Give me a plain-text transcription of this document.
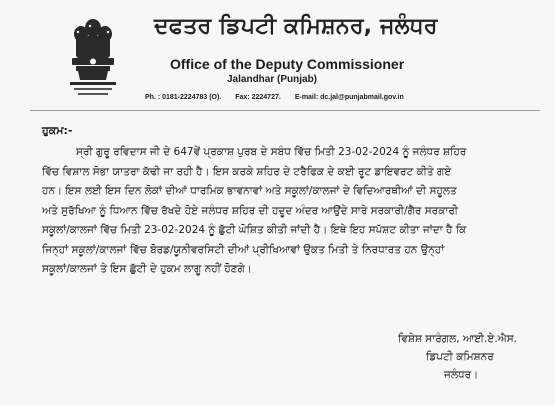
ਦਫਤਰ ਡਿਪਟੀ ਕਮਿਸ਼ਨਰ, ਜਲੰਧਰ
Office of the Deputy Commissioner
Jalandhar (Punjab)
Ph. : 0181-2224783 (O). Fax: 2224727. E-mail: dc.jal@punjabmail.gov.in
ਹੁਕਮ:-
ਸ੍ਰੀ ਗੁਰੂ ਰਵਿਦਾਸ ਜੀ ਦੇ 647ਵੇਂ ਪ੍ਰਕਾਸ਼ ਪੁਰਬ ਦੇ ਸਬੰਧ ਵਿੱਚ ਮਿਤੀ 23-02-2024 ਨੂੰ ਜਲੰਧਰ ਸ਼ਹਿਰ
ਵਿੱਚ ਵਿਸ਼ਾਲ ਸੋਭਾ ਯਾਤਰਾ ਕੱਢੀ ਜਾ ਰਹੀ ਹੈ। ਇਸ ਕਰਕੇ ਸ਼ਹਿਰ ਦੇ ਟਰੈਫਿਕ ਦੇ ਕਈ ਰੂਟ ਡਾਇਵਰਟ ਕੀਤੇ ਗਏ
ਹਨ। ਇਸ ਲਈ ਇਸ ਦਿਨ ਲੋਕਾਂ ਦੀਆਂ ਧਾਰਮਿਕ ਭਾਵਨਾਵਾਂ ਅਤੇ ਸਕੂਲਾਂ/ਕਾਲਜਾਂ ਦੇ ਵਿਦਿਆਰਥੀਆਂ ਦੀ ਸਹੂਲਤ
ਅਤੇ ਸੁਰੱਖਿਆ ਨੂੰ ਧਿਆਨ ਵਿੱਚ ਰੱਖਦੇ ਹੋਏ ਜਲੰਧਰ ਸ਼ਹਿਰ ਦੀ ਹਦੂਦ ਅੰਦਰ ਆਉਂਦੇ ਸਾਰੇ ਸਰਕਾਰੀ/ਗੈਰ ਸਰਕਾਰੀ
ਸਕੂਲਾਂ/ਕਾਲਜਾਂ ਵਿੱਚ ਮਿਤੀ 23-02-2024 ਨੂੰ ਛੁੱਟੀ ਘੋਸ਼ਿਤ ਕੀਤੀ ਜਾਂਦੀ ਹੈ। ਇਥੇ ਇਹ ਸਪੱਸ਼ਟ ਕੀਤਾ ਜਾਂਦਾ ਹੈ ਕਿ
ਜਿਨ੍ਹਾਂ ਸਕੂਲਾਂ/ਕਾਲਜਾਂ ਵਿੱਚ ਬੋਰਡ/ਯੂਨੀਵਰਸਿਟੀ ਦੀਆਂ ਪ੍ਰੀਖਿਆਵਾਂ ਉਕਤ ਮਿਤੀ ਤੇ ਨਿਰਧਾਰਤ ਹਨ ਉਨ੍ਹਾਂ
ਸਕੂਲਾਂ/ਕਾਲਜਾਂ ਤੇ ਇਸ ਛੁੱਟੀ ਦੇ ਹੁਕਮ ਲਾਗੂ ਨਹੀਂ ਹੋਣਗੇ।
ਵਿਸ਼ੇਸ਼ ਸਾਰੰਗਲ, ਆਈ.ਏ.ਐਸ.
ਡਿਪਟੀ ਕਮਿਸ਼ਨਰ
ਜਲੰਧਰ।
